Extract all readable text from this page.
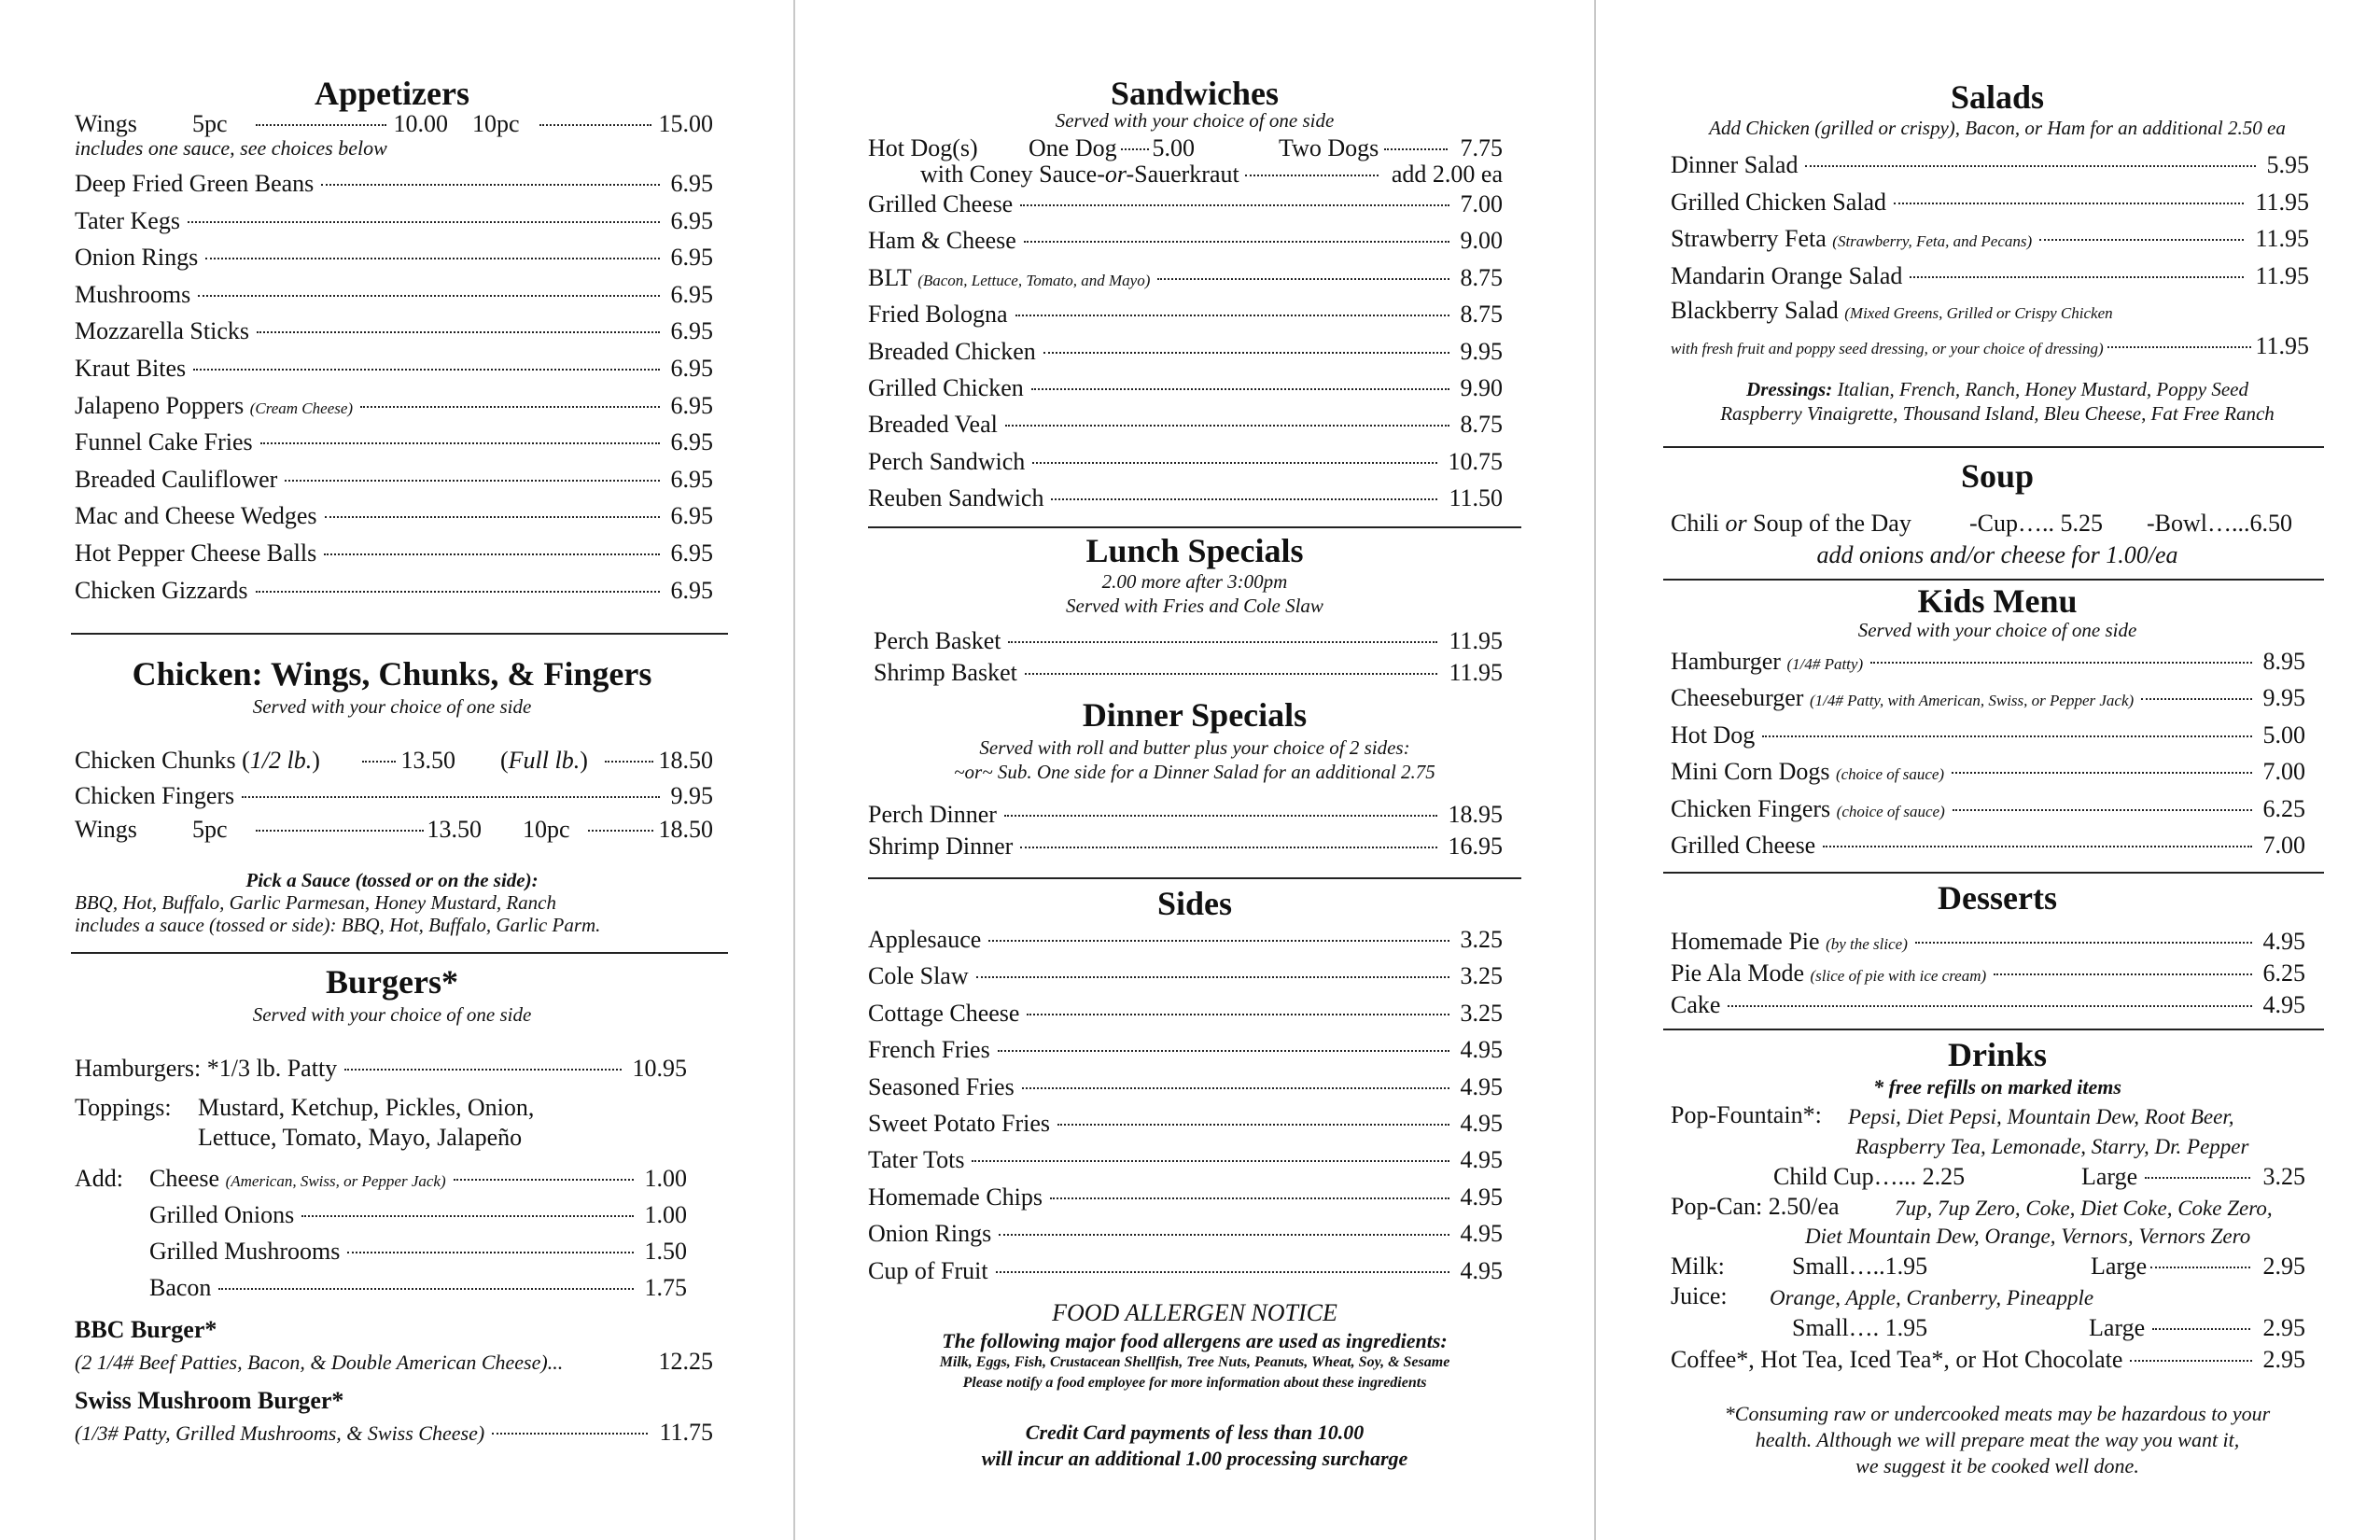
Appetizers
Wings 5pc	10.00 10pc	15.00
includes one sauce, see choices below
Deep Fried Green Beans	6.95
Tater Kegs	6.95
Onion Rings	6.95
Mushrooms	6.95
Mozzarella Sticks	6.95
Kraut Bites	6.95
Jalapeno Poppers
(Cream Cheese)	6.95
Funnel Cake Fries	6.95
Breaded Cauliflower	6.95
Mac and Cheese Wedges	6.95
Hot Pepper Cheese Balls	6.95
Chicken Gizzards	6.95
Chicken: Wings, Chunks, & Fingers
Served with your choice of one side
Chicken Chunks (1/2 lb.)	13.50 (Full lb.)	18.50
Chicken Fingers	9.95
Wings 5pc	13.50 10pc	18.50
Pick a Sauce (tossed or on the side):
BBQ, Hot, Buffalo, Garlic Parmesan, Honey Mustard, Ranch
includes a sauce (tossed or side): BBQ, Hot, Buffalo, Garlic Parm.
Burgers*
Served with your choice of one side
Hamburgers: *1/3 lb. Patty	10.95
Toppings: Mustard, Ketchup, Pickles, Onion,
Lettuce, Tomato, Mayo, Jalapeño
Add: Cheese
(American, Swiss, or Pepper Jack)	1.00
Grilled Onions	1.00
Grilled Mushrooms	1.50
Bacon	1.75
BBC Burger*
(2 1/4# Beef Patties, Bacon, & Double American Cheese)...	12.25
Swiss Mushroom Burger*
(1/3# Patty, Grilled Mushrooms, & Swiss Cheese)	11.75
Sandwiches
Served with your choice of one side
Hot Dog(s) One Dog 5.00	Two Dogs	7.75
with Coney Sauce -or- Sauerkraut	add 2.00 ea
Grilled Cheese	7.00
Ham & Cheese	9.00
BLT
(Bacon, Lettuce, Tomato, and Mayo)	8.75
Fried Bologna	8.75
Breaded Chicken	9.95
Grilled Chicken	9.90
Breaded Veal	8.75
Perch Sandwich	10.75
Reuben Sandwich	11.50
Lunch Specials
2.00 more after 3:00pm
Served with Fries and Cole Slaw
Perch Basket	11.95
Shrimp Basket	11.95
Dinner Specials
Served with roll and butter plus your choice of 2 sides:
~or~ Sub. One side for a Dinner Salad for an additional 2.75
Perch Dinner	18.95
Shrimp Dinner	16.95
Sides
Applesauce	3.25
Cole Slaw	3.25
Cottage Cheese	3.25
French Fries	4.95
Seasoned Fries	4.95
Sweet Potato Fries	4.95
Tater Tots	4.95
Homemade Chips	4.95
Onion Rings	4.95
Cup of Fruit	4.95
FOOD ALLERGEN NOTICE
The following major food allergens are used as ingredients:
Milk, Eggs, Fish, Crustacean Shellfish, Tree Nuts, Peanuts, Wheat, Soy, & Sesame
Please notify a food employee for more information about these ingredients
Credit Card payments of less than 10.00
will incur an additional 1.00 processing surcharge
Salads
Add Chicken (grilled or crispy), Bacon, or Ham for an additional 2.50 ea
Dinner Salad	5.95
Grilled Chicken Salad	11.95
Strawberry Feta
(Strawberry, Feta, and Pecans)	11.95
Mandarin Orange Salad	11.95
Blackberry Salad (Mixed Greens, Grilled or Crispy Chicken
with fresh fruit and poppy seed dressing, or your choice of dressing)	11.95
Dressings: Italian, French, Ranch, Honey Mustard, Poppy Seed
Raspberry Vinaigrette, Thousand Island, Bleu Cheese, Fat Free Ranch
Soup
Chili or Soup of the Day -Cup….. 5.25 -Bowl…...6.50
add onions and/or cheese for 1.00/ea
Kids Menu
Served with your choice of one side
Hamburger
(1/4# Patty)	8.95
Cheeseburger
(1/4# Patty, with American, Swiss, or Pepper Jack)	9.95
Hot Dog	5.00
Mini Corn Dogs
(choice of sauce)	7.00
Chicken Fingers
(choice of sauce)	6.25
Grilled Cheese	7.00
Desserts
Homemade Pie
(by the slice)	4.95
Pie Ala Mode
(slice of pie with ice cream)	6.25
Cake	4.95
Drinks
* free refills on marked items
Pop-Fountain*: Pepsi, Diet Pepsi, Mountain Dew, Root Beer,
Raspberry Tea, Lemonade, Starry, Dr. Pepper
Child Cup…... 2.25	Large	3.25
Pop-Can: 2.50/ea	7up, 7up Zero, Coke, Diet Coke, Coke Zero,
Diet Mountain Dew, Orange, Vernors, Vernors Zero
Milk:	Small…..1.95	Large	2.95
Juice: Orange, Apple, Cranberry, Pineapple
Small…. 1.95	Large	2.95
Coffee*, Hot Tea, Iced Tea*, or Hot Chocolate	2.95
*Consuming raw or undercooked meats may be hazardous to your
health. Although we will prepare meat the way you want it,
we suggest it be cooked well done.
